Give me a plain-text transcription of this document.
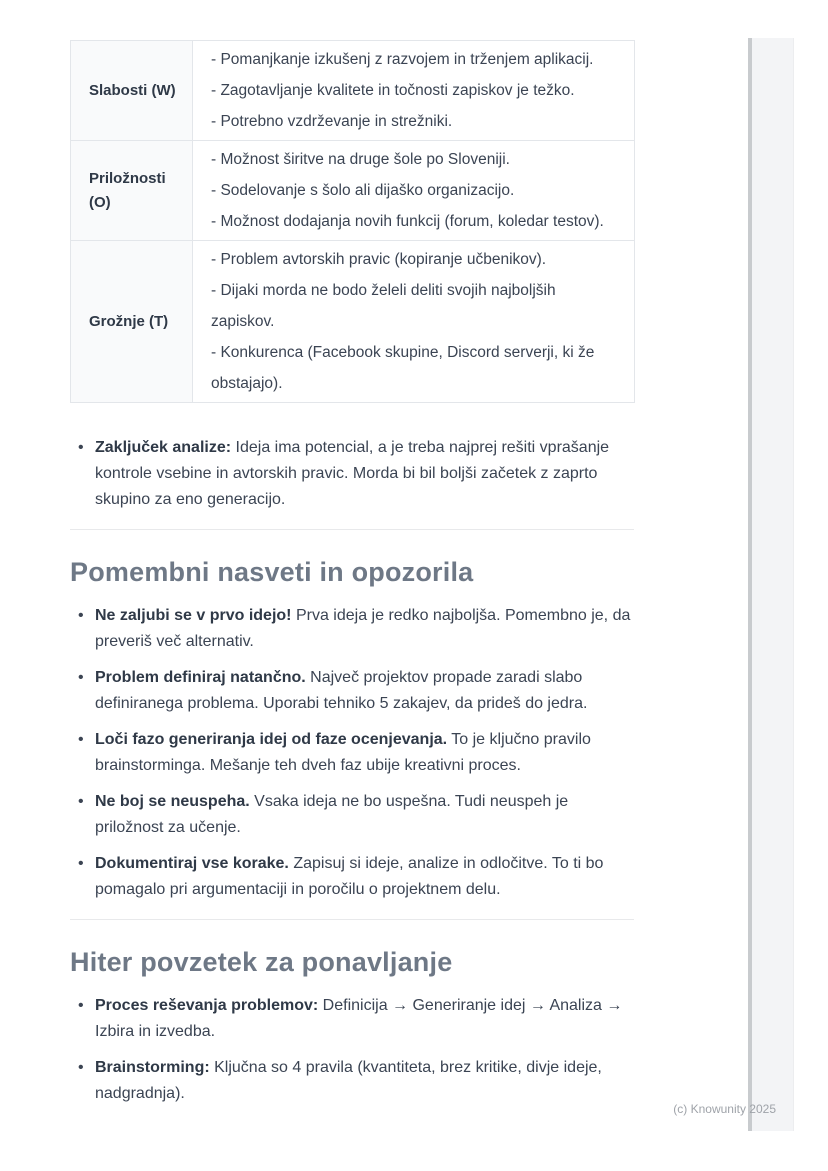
Slabosti (W)	- Pomanjkanje izkušenj z razvojem in trženjem aplikacij.
- Zagotavljanje kvalitete in točnosti zapiskov je težko.
- Potrebno vzdrževanje in strežniki.

Priložnosti (O)	- Možnost širitve na druge šole po Sloveniji.
- Sodelovanje s šolo ali dijaško organizacijo.
- Možnost dodajanja novih funkcij (forum, koledar testov).

Grožnje (T)	- Problem avtorskih pravic (kopiranje učbenikov).
- Dijaki morda ne bodo želeli deliti svojih najboljših zapiskov.
- Konkurenca (Facebook skupine, Discord serverji, ki že obstajajo).
• Zaključek analize: Ideja ima potencial, a je treba najprej rešiti vprašanje kontrole vsebine in avtorskih pravic. Morda bi bil boljši začetek z zaprto skupino za eno generacijo.
Pomembni nasveti in opozorila
• Ne zaljubi se v prvo idejo! Prva ideja je redko najboljša. Pomembno je, da preveriš več alternativ.
• Problem definiraj natančno. Največ projektov propade zaradi slabo definiranega problema. Uporabi tehniko 5 zakajev, da prideš do jedra.
• Loči fazo generiranja idej od faze ocenjevanja. To je ključno pravilo brainstorminga. Mešanje teh dveh faz ubije kreativni proces.
• Ne boj se neuspeha. Vsaka ideja ne bo uspešna. Tudi neuspeh je priložnost za učenje.
• Dokumentiraj vse korake. Zapisuj si ideje, analize in odločitve. To ti bo pomagalo pri argumentaciji in poročilu o projektnem delu.
Hiter povzetek za ponavljanje
• Proces reševanja problemov: Definicija → Generiranje idej → Analiza → Izbira in izvedba.
• Brainstorming: Ključna so 4 pravila (kvantiteta, brez kritike, divje ideje, nadgradnja).
(c) Knowunity 2025
